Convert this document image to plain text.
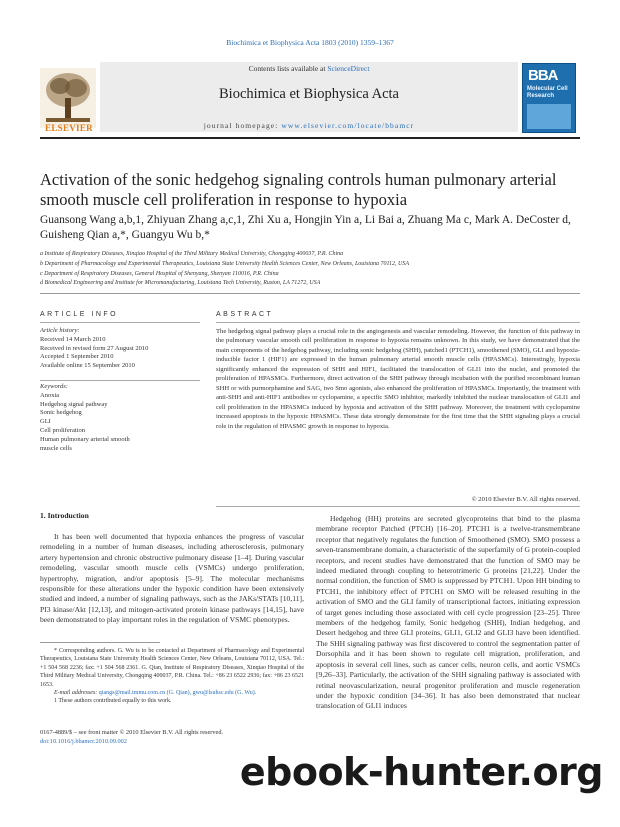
Biochimica et Biophysica Acta 1803 (2010) 1359–1367
Contents lists available at ScienceDirect
Biochimica et Biophysica Acta
journal homepage: www.elsevier.com/locate/bbamcr
ELSEVIER
BBA
Molecular Cell Research
Activation of the sonic hedgehog signaling controls human pulmonary arterial smooth muscle cell proliferation in response to hypoxia
Guansong Wang a,b,1, Zhiyuan Zhang a,c,1, Zhi Xu a, Hongjin Yin a, Li Bai a, Zhuang Ma c, Mark A. DeCoster d, Guisheng Qian a,*, Guangyu Wu b,*

a Institute of Respiratory Diseases, Xinqiao Hospital of the Third Military Medical University, Chongqing 400037, P.R. China

b Department of Pharmacology and Experimental Therapeutics, Louisiana State University Health Sciences Center, New Orleans, Louisiana 70112, USA

c Department of Respiratory Diseases, General Hospital of Shenyang, Shenyan 110016, P.R. China

d Biomedical Engineering and Institute for Micromanufacturing, Louisiana Tech University, Ruston, LA 71272, USA

ARTICLE INFO	ABSTRACT
Article history:
Received 14 March 2010
Received in revised form 27 August 2010
Accepted 1 September 2010
Available online 15 September 2010
Keywords:
Anoxia
Hedgehog signal pathway
Sonic hedgehog
GLI
Cell proliferation
Human pulmonary arterial smooth
muscle cells
The hedgehog signal pathway plays a crucial role in the angiogenesis and vascular remodeling. However, the function of this pathway in the pulmonary vascular smooth cell proliferation in response to hypoxia remains unknown. In this study, we have demonstrated that the main components of the hedgehog pathway, including sonic hedgehog (SHH), patched1 (PTCH1), smoothened (SMO), GLI and hypoxia-inducible factor 1 (HIF1) are expressed in the human pulmonary arterial smooth muscle cells (HPASMCs). Interestingly, hypoxia significantly enhanced the expression of SHH and HIF1, facilitated the translocation of GLI1 into the nuclei, and promoted the proliferation of HPASMCs. Furthermore, direct activation of the SHH pathway through incubation with the purified recombinant human SHH or with purmorphamine and SAG, two Smo agonists, also enhanced the proliferation of HPASMCs. Importantly, the treatment with anti-SHH and anti-HIF1 antibodies or cyclopamine, a specific SMO inhibitor, markedly inhibited the nuclear translocation of GLI1 and cell proliferation in the HPASMCs induced by hypoxia and activation of the SHH pathway. Moreover, the treatment with cyclopamine increased apoptosis in the hypoxic HPASMCs. These data strongly demonstrate for the first time that the SHH signaling plays a crucial role in the regulation of HPASMC growth in response to hypoxia.
© 2010 Elsevier B.V. All rights reserved.
1. Introduction
It has been well documented that hypoxia enhances the progress of vascular remodeling in a number of human diseases, including atherosclerosis, pulmonary artery hypertension and chronic obstructive pulmonary disease [1–4]. During vascular remodeling, vascular smooth muscle cells (VSMCs) undergo proliferation, hypertrophy, migration, and/or apoptosis [5–9]. The molecular mechanisms responsible for these alterations under the hypoxic condition have been extensively studied and indeed, a number of signaling pathways, such as the JAKs/STATs [10,11], PI3 kinase/Akt [12,13], and mitogen-activated protein kinase pathways [14,15], have been demonstrated to play important roles in the regulation of VSMC phenotypes.
Hedgehog (HH) proteins are secreted glycoproteins that bind to the plasma membrane receptor Patched (PTCH) [16–20]. PTCH1 is a twelve-transmembrane receptor that negatively regulates the function of Smoothened (SMO). SMO possess a seven-transmembrane domain, a characteristic of the superfamily of G protein-coupled receptors, and recent studies have demonstrated that the function of SMO may be indeed mediated through coupling to heterotrimeric G proteins [21,22]. Under the normal condition, the function of SMO is suppressed by PTCH1. Upon HH binding to PTCH1, the inhibitory effect of PTCH1 on SMO will be released resulting in the activation of SMO and the GLI family of transcriptional factors, initiating expression of target genes including those associated with cell cycle progression [23–25]. Three members of the hedgehog family, Sonic hedgehog (SHH), Indian hedgehog, and Desert hedgehog and three GLI proteins, GLI1, GLI2 and GLI3 have been identified. The SHH signaling pathway was first discovered to control the segmentation patter of Dorsophila and it has been shown to regulate cell migration, proliferation, and apoptosis in several cell lines, such as cancer cells, neuron cells, and aortic VSMCs [9,26–33]. Particularly, the activation of the SHH signaling pathway is associated with retinal neovascularization, neural progenitor proliferation and muscle regeneration under the hypoxic condition [34–36]. It has also been demonstrated that nuclear translocation of GLI1 induces

* Corresponding authors. G. Wu is to be contacted at Department of Pharmacology and Experimental Therapeutics, Louisiana State University Health Sciences Center, New Orleans, Louisiana 70112, USA. Tel.: +1 504 568 2236; fax: +1 504 568 2361. G. Qian, Institute of Respiratory Diseases, Xinqiao Hospital of the Third Military Medical University, Chongqing 400037, P.R. China. Tel.: +86 23 6522 2936; fax: +86 23 6521 1653.

E-mail addresses: qiangs@mail.tmmu.com.cn (G. Qian), gwu@lsuhsc.edu (G. Wu).

1 These authors contributed equally to this work.

0167-4889/$ – see front matter © 2010 Elsevier B.V. All rights reserved.
doi:10.1016/j.bbamcr.2010.09.002
ebook-hunter.org
